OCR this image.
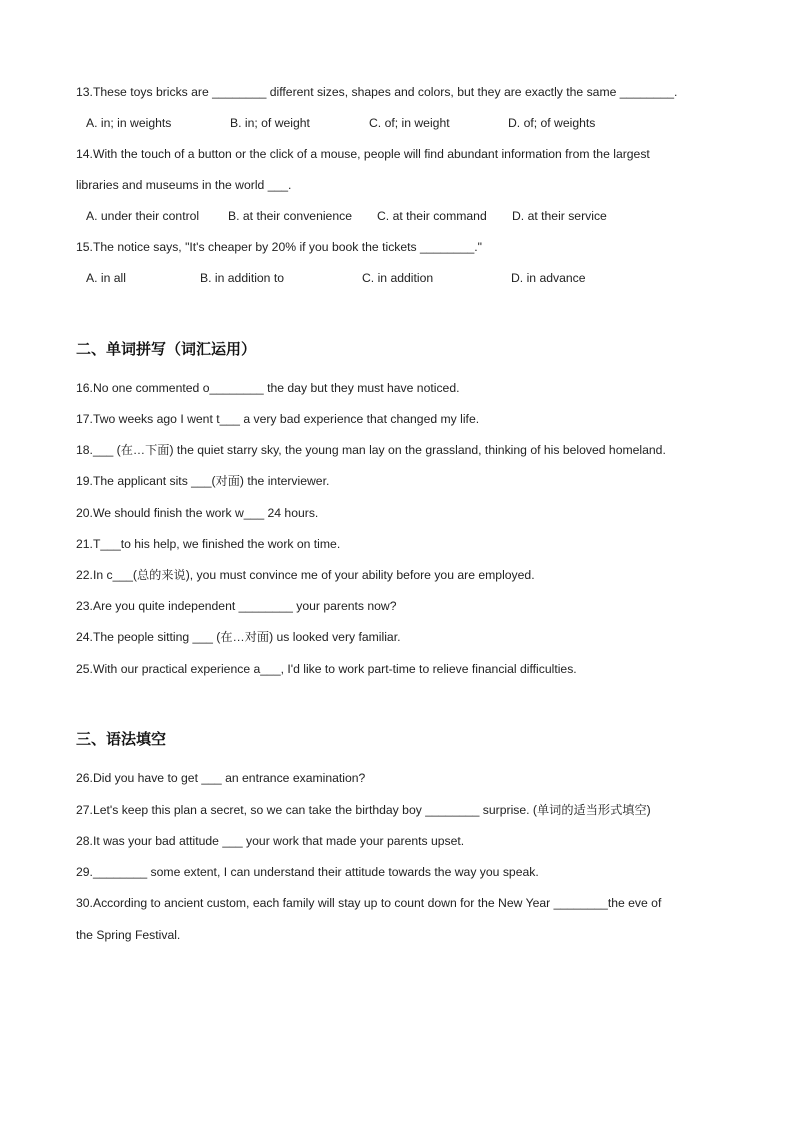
13.These toys bricks are ________ different sizes, shapes and colors, but they are exactly the same ________.
A. in; in weights	B. in; of weight	C. of; in weight	D. of; of weights
14.With the touch of a button or the click of a mouse, people will find abundant information from the largest
libraries and museums in the world ___.
A. under their control B. at their convenience C. at their command D. at their service
15.The notice says, "It's cheaper by 20% if you book the tickets ________."
A. in all	B. in addition to	C. in addition	D. in advance
二、单词拼写（词汇运用）
16.No one commented o________ the day but they must have noticed.
17.Two weeks ago I went t___ a very bad experience that changed my life.
18.___ (在…下面) the quiet starry sky, the young man lay on the grassland, thinking of his beloved homeland.
19.The applicant sits ___(对面) the interviewer.
20.We should finish the work w___ 24 hours.
21.T___to his help, we finished the work on time.
22.In c___(总的来说), you must convince me of your ability before you are employed.
23.Are you quite independent ________ your parents now?
24.The people sitting ___ (在…对面) us looked very familiar.
25.With our practical experience a___, I'd like to work part-time to relieve financial difficulties.
三、语法填空
26.Did you have to get ___ an entrance examination?
27.Let's keep this plan a secret, so we can take the birthday boy ________ surprise. (单词的适当形式填空)
28.It was your bad attitude ___ your work that made your parents upset.
29.________ some extent, I can understand their attitude towards the way you speak.
30.According to ancient custom, each family will stay up to count down for the New Year ________the eve of
the Spring Festival.
